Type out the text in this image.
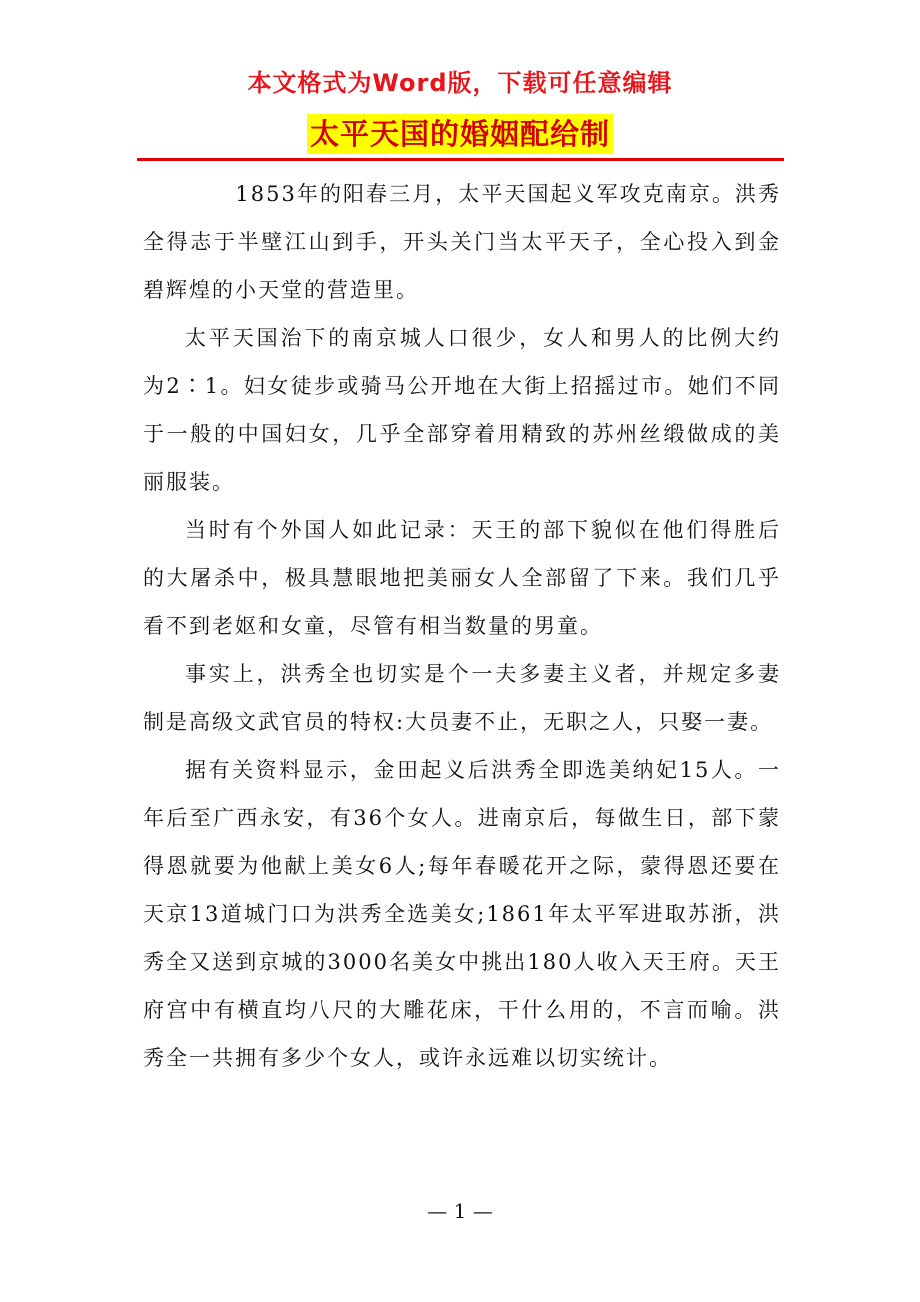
本文格式为Word版，下载可任意编辑
太平天国的婚姻配给制

1853年的阳春三月，太平天国起义军攻克南京。洪秀全得志于半壁江山到手，开头关门当太平天子，全心投入到金碧辉煌的小天堂的营造里。

太平天国治下的南京城人口很少，女人和男人的比例大约为2∶1。妇女徒步或骑马公开地在大街上招摇过市。她们不同于一般的中国妇女，几乎全部穿着用精致的苏州丝缎做成的美丽服装。

当时有个外国人如此记录：天王的部下貌似在他们得胜后的大屠杀中，极具慧眼地把美丽女人全部留了下来。我们几乎看不到老妪和女童，尽管有相当数量的男童。

事实上，洪秀全也切实是个一夫多妻主义者，并规定多妻制是高级文武官员的特权:大员妻不止，无职之人，只娶一妻。

据有关资料显示，金田起义后洪秀全即选美纳妃15人。一年后至广西永安，有36个女人。进南京后，每做生日，部下蒙得恩就要为他献上美女6人;每年春暖花开之际，蒙得恩还要在天京13道城门口为洪秀全选美女;1861年太平军进取苏浙，洪秀全又送到京城的3000名美女中挑出180人收入天王府。天王府宫中有横直均八尺的大雕花床，干什么用的，不言而喻。洪秀全一共拥有多少个女人，或许永远难以切实统计。

— 1 —
